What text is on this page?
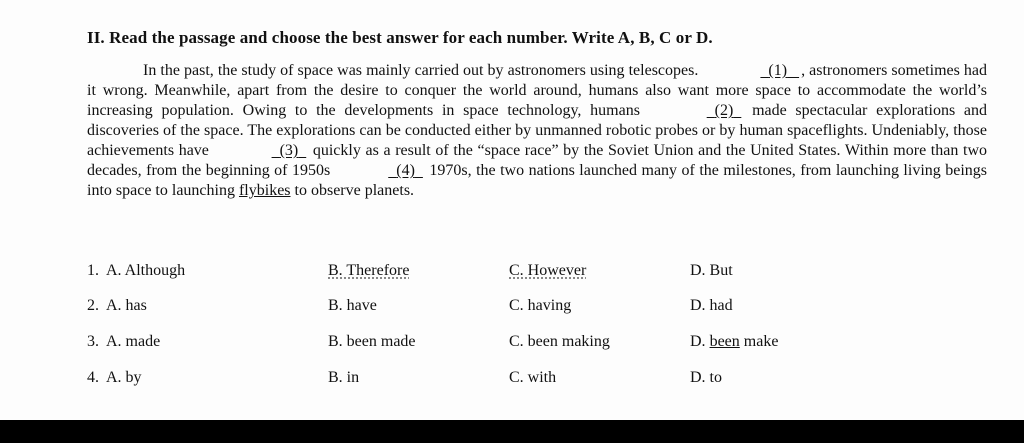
II. Read the passage and choose the best answer for each number. Write A, B, C or D.
In the past, the study of space was mainly carried out by astronomers using telescopes.	(1) , astronomers sometimes had it wrong. Meanwhile, apart from the desire to conquer the world around, humans also want more space to accommodate the world’s increasing population. Owing to the developments in space technology, humans	(2) made spectacular explorations and discoveries of the space. The explorations can be conducted either by unmanned robotic probes or by human spaceflights. Undeniably, those achievements have	(3) quickly as a result of the “space race” by the Soviet Union and the United States. Within more than two decades, from the beginning of 1950s	(4) 1970s, the two nations launched many of the milestones, from launching living beings into space to launching flybikes to observe planets.
1. A. Although	B. Therefore	C. However	D. But
2. A. has	B. have	C. having	D. had
3. A. made	B. been made	C. been making	D. been make
4. A. by	B. in	C. with	D. to
